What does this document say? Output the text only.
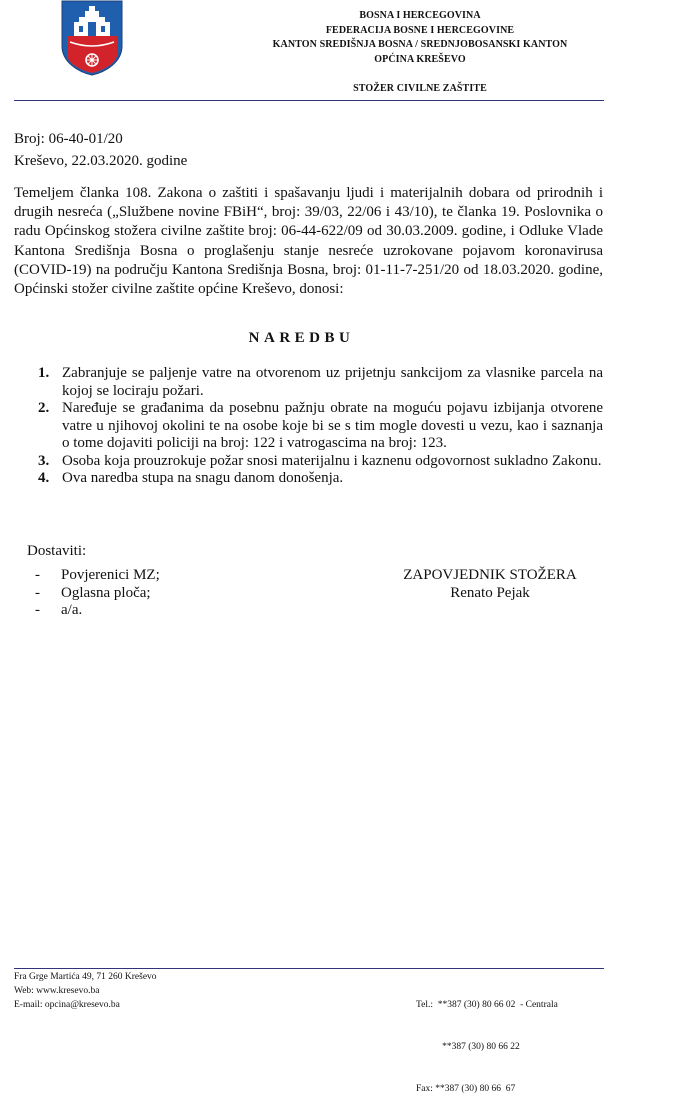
BOSNA I HERCEGOVINA
FEDERACIJA BOSNE I HERCEGOVINE
KANTON SREDIŠNJA BOSNA / SREDNJOBOSANSKI KANTON
OPĆINA KREŠEVO
STOŽER CIVILNE ZAŠTITE
Broj: 06-40-01/20
Kreševo, 22.03.2020. godine
Temeljem članka 108. Zakona o zaštiti i spašavanju ljudi i materijalnih dobara od prirodnih i drugih nesreća („Službene novine FBiH“, broj: 39/03, 22/06 i 43/10), te članka 19. Poslovnika o radu Općinskog stožera civilne zaštite broj: 06-44-622/09 od 30.03.2009. godine, i Odluke Vlade Kantona Središnja Bosna o proglašenju stanje nesreće uzrokovane pojavom koronavirusa (COVID-19) na području Kantona Središnja Bosna, broj: 01-11-7-251/20 od 18.03.2020. godine, Općinski stožer civilne zaštite općine Kreševo, donosi:
NAREDBU
1. Zabranjuje se paljenje vatre na otvorenom uz prijetnju sankcijom za vlasnike parcela na kojoj se lociraju požari.
2. Naređuje se građanima da posebnu pažnju obrate na moguću pojavu izbijanja otvorene vatre u njihovoj okolini te na osobe koje bi se s tim mogle dovesti u vezu, kao i saznanja o tome dojaviti policiji na broj: 122 i vatrogascima na broj: 123.
3. Osoba koja prouzrokuje požar snosi materijalnu i kaznenu odgovornost sukladno Zakonu.
4. Ova naredba stupa na snagu danom donošenja.
Dostaviti:
- Povjerenici MZ;
- Oglasna ploča;
- a/a.
ZAPOVJEDNIK STOŽERA
Renato Pejak
Fra Grge Martića 49, 71 260 Kreševo
Web: www.kresevo.ba
E-mail: opcina@kresevo.ba

	Tel.:  **387 (30) 80 66 02  - Centrala

**387 (30) 80 66 22

Fax: **387 (30) 80 66  67
